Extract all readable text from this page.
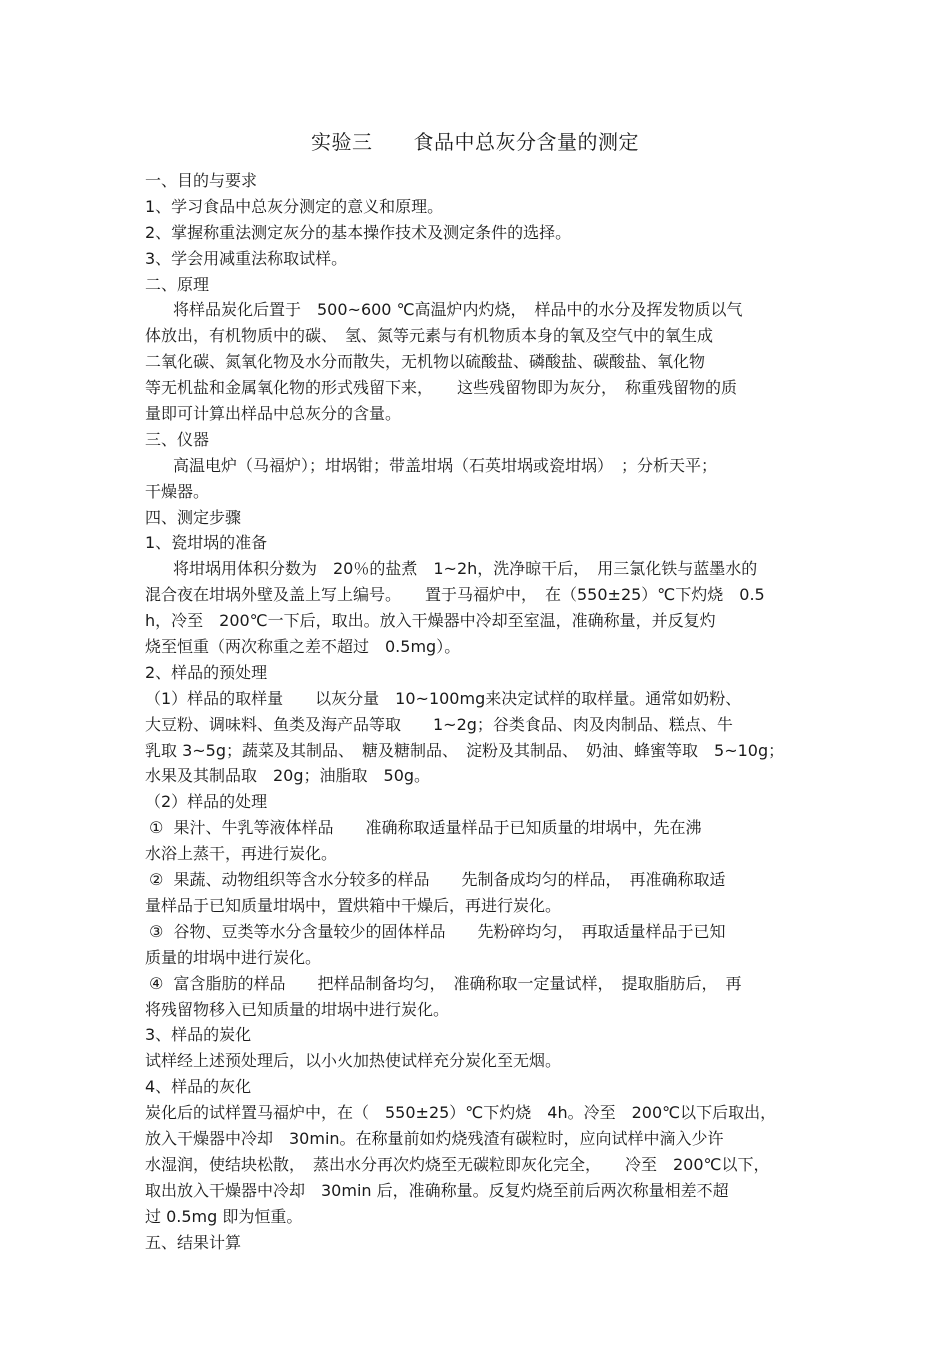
实验三　　食品中总灰分含量的测定
一、目的与要求
1、学习食品中总灰分测定的意义和原理。
2、掌握称重法测定灰分的基本操作技术及测定条件的选择。
3、学会用减重法称取试样。
二、原理
将样品炭化后置于　500~600 ℃高温炉内灼烧，　样品中的水分及挥发物质以气
体放出，有机物质中的碳、　氢、氮等元素与有机物质本身的氧及空气中的氧生成
二氧化碳、氮氧化物及水分而散失，无机物以硫酸盐、磷酸盐、碳酸盐、氧化物
等无机盐和金属氧化物的形式残留下来，　　这些残留物即为灰分，　称重残留物的质
量即可计算出样品中总灰分的含量。
三、仪器
高温电炉（马福炉）；坩埚钳；带盖坩埚（石英坩埚或瓷坩埚）　；分析天平；
干燥器。
四、测定步骤
1、瓷坩埚的准备
将坩埚用体积分数为　20％的盐煮　1~2h，洗净晾干后，　用三氯化铁与蓝墨水的
混合夜在坩埚外壁及盖上写上编号。　　置于马福炉中，　在（550±25）℃下灼烧　0.5
h，冷至　200℃一下后，取出。放入干燥器中冷却至室温，准确称量，并反复灼
烧至恒重（两次称重之差不超过　0.5mg）。
2、样品的预处理
（1）样品的取样量　　以灰分量　10~100mg来决定试样的取样量。通常如奶粉、
大豆粉、调味料、鱼类及海产品等取　　1~2g；谷类食品、肉及肉制品、糕点、牛
乳取 3~5g；蔬菜及其制品、　糖及糖制品、　淀粉及其制品、　奶油、蜂蜜等取　5~10g；
水果及其制品取　20g；油脂取　50g。
（2）样品的处理
①  果汁、牛乳等液体样品　　准确称取适量样品于已知质量的坩埚中，先在沸
水浴上蒸干，再进行炭化。
②  果蔬、动物组织等含水分较多的样品　　先制备成均匀的样品，　再准确称取适
量样品于已知质量坩埚中，置烘箱中干燥后，再进行炭化。
③  谷物、豆类等水分含量较少的固体样品　　先粉碎均匀，　再取适量样品于已知
质量的坩埚中进行炭化。
④  富含脂肪的样品　　把样品制备均匀，　准确称取一定量试样，　提取脂肪后，　再
将残留物移入已知质量的坩埚中进行炭化。
3、样品的炭化
试样经上述预处理后，以小火加热使试样充分炭化至无烟。
4、样品的灰化
炭化后的试样置马福炉中，在（　550±25）℃下灼烧　4h。冷至　200℃以下后取出，
放入干燥器中冷却　30min。在称量前如灼烧残渣有碳粒时，应向试样中滴入少许
水湿润，使结块松散，　蒸出水分再次灼烧至无碳粒即灰化完全，　　冷至　200℃以下，
取出放入干燥器中冷却　30min 后，准确称量。反复灼烧至前后两次称量相差不超
过 0.5mg 即为恒重。
五、结果计算
